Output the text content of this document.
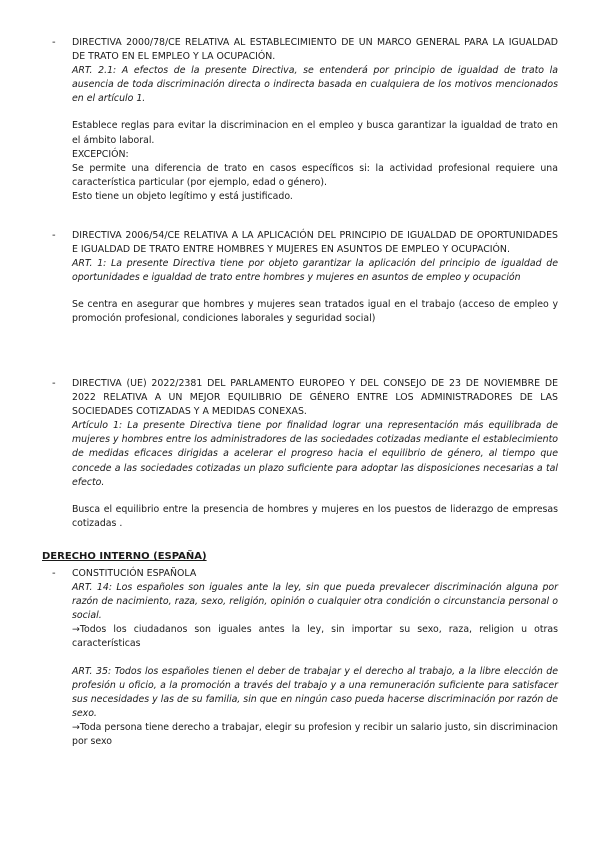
- DIRECTIVA 2000/78/CE RELATIVA AL ESTABLECIMIENTO DE UN MARCO GENERAL PARA LA IGUALDAD DE TRATO EN EL EMPLEO Y LA OCUPACIÓN.

ART. 2.1: A efectos de la presente Directiva, se entenderá por principio de igualdad de trato la ausencia de toda discriminación directa o indirecta basada en cualquiera de los motivos mencionados en el artículo 1.

Establece reglas para evitar la discriminacion en el empleo y busca garantizar la igualdad de trato en el ámbito laboral.

EXCEPCIÓN:

Se permite una diferencia de trato en casos específicos si: la actividad profesional requiere una característica particular (por ejemplo, edad o género).

Esto tiene un objeto legítimo y está justificado.

- DIRECTIVA 2006/54/CE RELATIVA A LA APLICACIÓN DEL PRINCIPIO DE IGUALDAD DE OPORTUNIDADES E IGUALDAD DE TRATO ENTRE HOMBRES Y MUJERES EN ASUNTOS DE EMPLEO Y OCUPACIÓN.

ART. 1: La presente Directiva tiene por objeto garantizar la aplicación del principio de igualdad de oportunidades e igualdad de trato entre hombres y mujeres en asuntos de empleo y ocupación

Se centra en asegurar que hombres y mujeres sean tratados igual en el trabajo (acceso de empleo y promoción profesional, condiciones laborales y seguridad social)

- DIRECTIVA (UE) 2022/2381 DEL PARLAMENTO EUROPEO Y DEL CONSEJO DE 23 DE NOVIEMBRE DE 2022 RELATIVA A UN MEJOR EQUILIBRIO DE GÉNERO ENTRE LOS ADMINISTRADORES DE LAS SOCIEDADES COTIZADAS Y A MEDIDAS CONEXAS.

Artículo 1: La presente Directiva tiene por finalidad lograr una representación más equilibrada de mujeres y hombres entre los administradores de las sociedades cotizadas mediante el establecimiento de medidas eficaces dirigidas a acelerar el progreso hacia el equilibrio de género, al tiempo que concede a las sociedades cotizadas un plazo suficiente para adoptar las disposiciones necesarias a tal efecto.

Busca el equilibrio entre la presencia de hombres y mujeres en los puestos de liderazgo de empresas cotizadas .

DERECHO INTERNO (ESPAÑA)
- CONSTITUCIÓN ESPAÑOLA

ART. 14: Los españoles son iguales ante la ley, sin que pueda prevalecer discriminación alguna por razón de nacimiento, raza, sexo, religión, opinión o cualquier otra condición o circunstancia personal o social.

→Todos los ciudadanos son iguales antes la ley, sin importar su sexo, raza, religion u otras características

ART. 35: Todos los españoles tienen el deber de trabajar y el derecho al trabajo, a la libre elección de profesión u oficio, a la promoción a través del trabajo y a una remuneración suficiente para satisfacer sus necesidades y las de su familia, sin que en ningún caso pueda hacerse discriminación por razón de sexo.

→Toda persona tiene derecho a trabajar, elegir su profesion y recibir un salario justo, sin discriminacion por sexo
